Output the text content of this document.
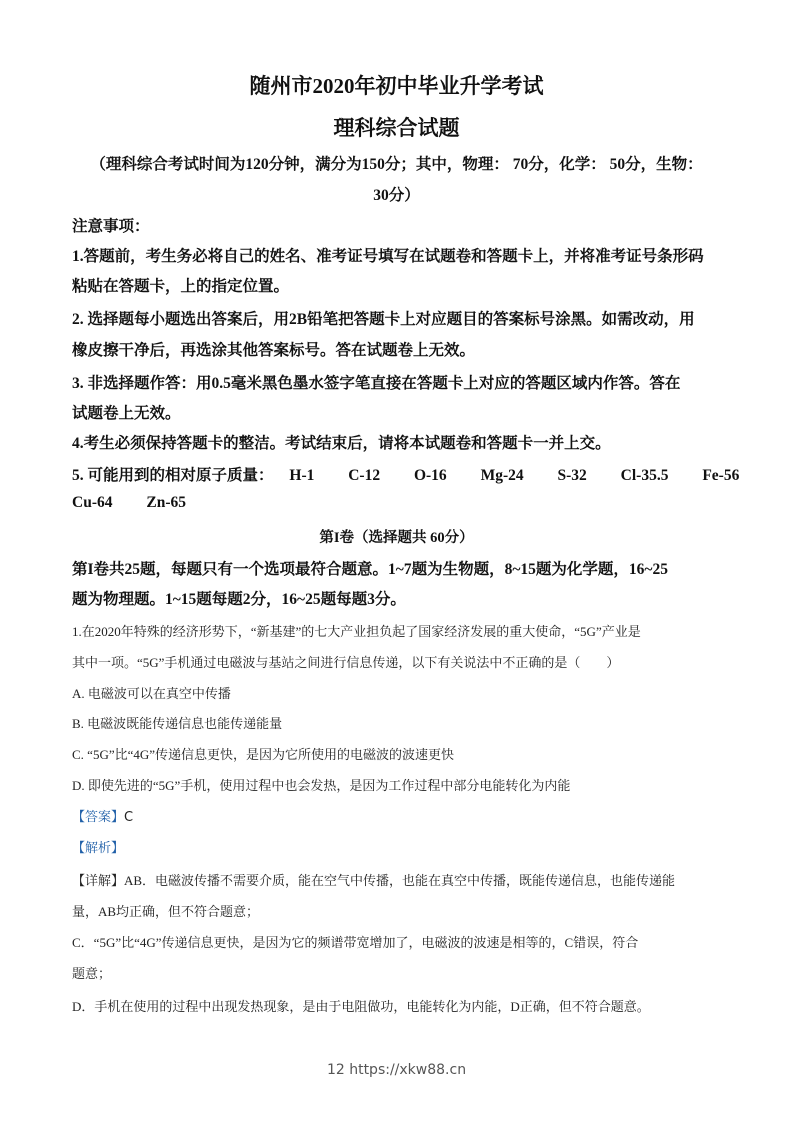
随州市2020年初中毕业升学考试
理科综合试题
（理科综合考试时间为120分钟，满分为150分；其中，物理： 70分，化学： 50分，生物：
30分）
注意事项：
1.答题前，考生务必将自己的姓名、准考证号填写在试题卷和答题卡上，并将准考证号条形码
粘贴在答题卡，上的指定位置。
2. 选择题每小题选出答案后，用2B铅笔把答题卡上对应题目的答案标号涂黑。如需改动，用
橡皮擦干净后，再选涂其他答案标号。答在试题卷上无效。
3. 非选择题作答：用0.5毫米黑色墨水签字笔直接在答题卡上对应的答题区域内作答。答在
试题卷上无效。
4.考生必须保持答题卡的整洁。考试结束后，请将本试题卷和答题卡一并上交。
5. 可能用到的相对原子质量： H-1 C-12 O-16 Mg-24 S-32 Cl-35.5 Fe-56
Cu-64 Zn-65
第I卷（选择题共 60分）
第I卷共25题，每题只有一个选项最符合题意。1~7题为生物题，8~15题为化学题，16~25
题为物理题。1~15题每题2分，16~25题每题3分。
1.在2020年特殊的经济形势下，“新基建”的七大产业担负起了国家经济发展的重大使命，“5G”产业是
其中一项。“5G”手机通过电磁波与基站之间进行信息传递，以下有关说法中不正确的是（　　）
A. 电磁波可以在真空中传播
B. 电磁波既能传递信息也能传递能量
C. “5G”比“4G”传递信息更快，是因为它所使用的电磁波的波速更快
D. 即使先进的“5G”手机，使用过程中也会发热，是因为工作过程中部分电能转化为内能
【答案】C
【解析】
【详解】AB．电磁波传播不需要介质，能在空气中传播，也能在真空中传播，既能传递信息，也能传递能
量，AB均正确，但不符合题意；
C．“5G”比“4G”传递信息更快，是因为它的频谱带宽增加了，电磁波的波速是相等的，C错误，符合
题意；
D．手机在使用的过程中出现发热现象，是由于电阻做功，电能转化为内能，D正确，但不符合题意。
12 https://xkw88.cn
